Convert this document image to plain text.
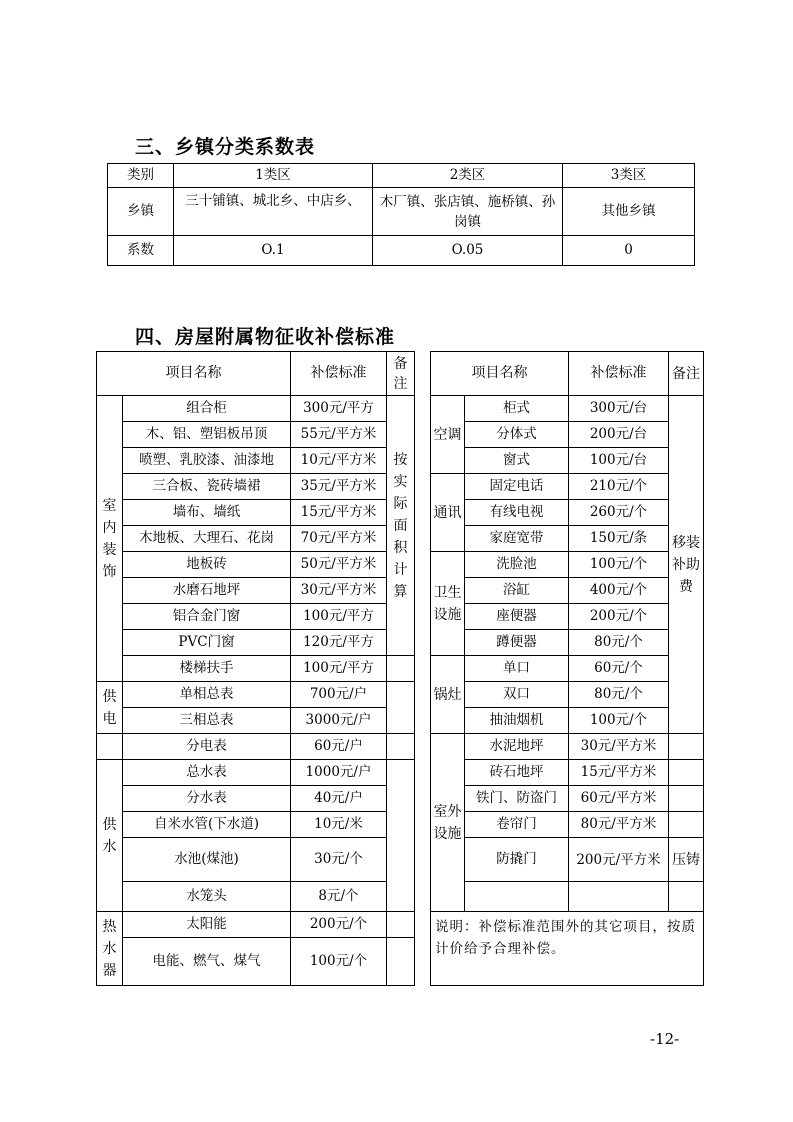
三、乡镇分类系数表
类别	1类区	2类区	3类区
乡镇	三十铺镇、城北乡、中店乡、	木厂镇、张店镇、施桥镇、孙岗镇	其他乡镇
系数	O.1	O.05	0
四、房屋附属物征收补偿标准
项目名称		补偿标准	备注		项目名称		补偿标准	备注
室内装饰	组合柜	300元/平方	按实际面积计算		空调	柜式	300元/台	移装补助费
	木、铝、塑铝板吊顶	55元/平方米				分体式	200元/台	
	喷塑、乳胶漆、油漆地	10元/平方米				窗式	100元/台	
	三合板、瓷砖墙裙	35元/平方米			通讯	固定电话	210元/个	
	墙布、墙纸	15元/平方米				有线电视	260元/个	
	木地板、大理石、花岗	70元/平方米				家庭宽带	150元/条	
	地板砖	50元/平方米			卫生设施	洗脸池	100元/个	
	水磨石地坪	30元/平方米				浴缸	400元/个	
	铝合金门窗	100元/平方				座便器	200元/个	
	PVC门窗	120元/平方				蹲便器	80元/个	
	楼梯扶手	100元/平方			锅灶	单口	60元/个	
供电	单相总表	700元/户				双口	80元/个	
	三相总表	3000元/户				抽油烟机	100元/个	
	分电表	60元/户			室外设施	水泥地坪	30元/平方米	
供水	总水表	1000元/户				砖石地坪	15元/平方米	
	分水表	40元/户				铁门、防盗门	60元/平方米	
	自米水管(下水道)	10元/米				卷帘门	80元/平方米	
	水池(煤池)	30元/个				防撬门	200元/平方米	压铸
	水笼头	8元/个						
热水器	太阳能	200元/个			说明：补偿标准范围外的其它项目，按质计价给予合理补偿。			
	电能、燃气、煤气	100元/个						
-12-
